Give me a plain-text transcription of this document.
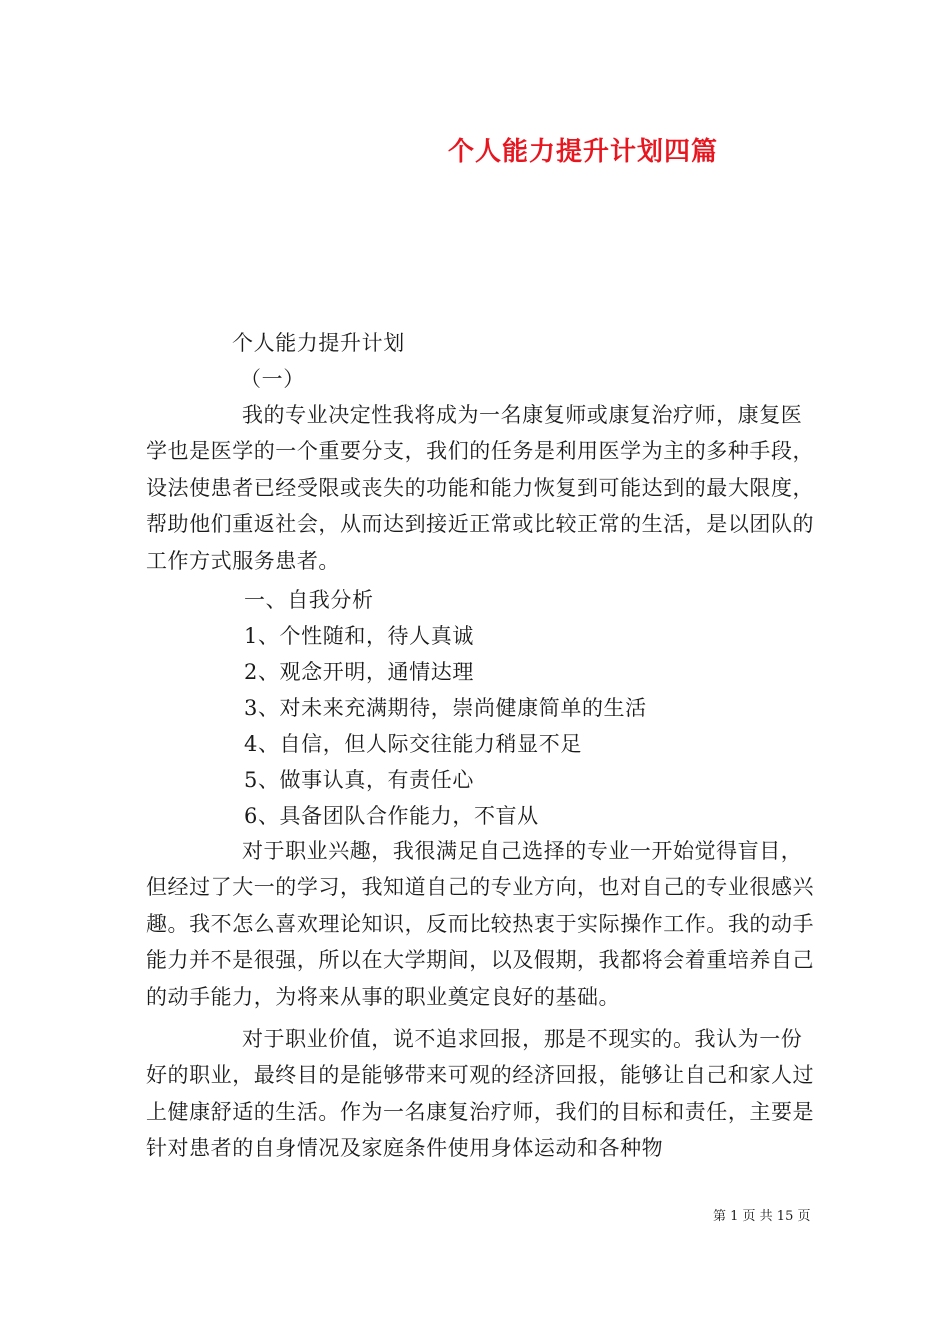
个人能力提升计划四篇
个人能力提升计划
（一）

我的专业决定性我将成为一名康复师或康复治疗师，康复医学也是医学的一个重要分支，我们的任务是利用医学为主的多种手段，设法使患者已经受限或丧失的功能和能力恢复到可能达到的最大限度，帮助他们重返社会，从而达到接近正常或比较正常的生活，是以团队的工作方式服务患者。

一、自我分析
1、个性随和，待人真诚
2、观念开明，通情达理
3、对未来充满期待，崇尚健康简单的生活
4、自信，但人际交往能力稍显不足
5、做事认真，有责任心
6、具备团队合作能力，不盲从

对于职业兴趣，我很满足自己选择的专业一开始觉得盲目，但经过了大一的学习，我知道自己的专业方向，也对自己的专业很感兴趣。我不怎么喜欢理论知识，反而比较热衷于实际操作工作。我的动手能力并不是很强，所以在大学期间，以及假期，我都将会着重培养自己的动手能力，为将来从事的职业奠定良好的基础。

对于职业价值，说不追求回报，那是不现实的。我认为一份好的职业，最终目的是能够带来可观的经济回报，能够让自己和家人过上健康舒适的生活。作为一名康复治疗师，我们的目标和责任，主要是针对患者的自身情况及家庭条件使用身体运动和各种物

第 1 页 共 15 页
